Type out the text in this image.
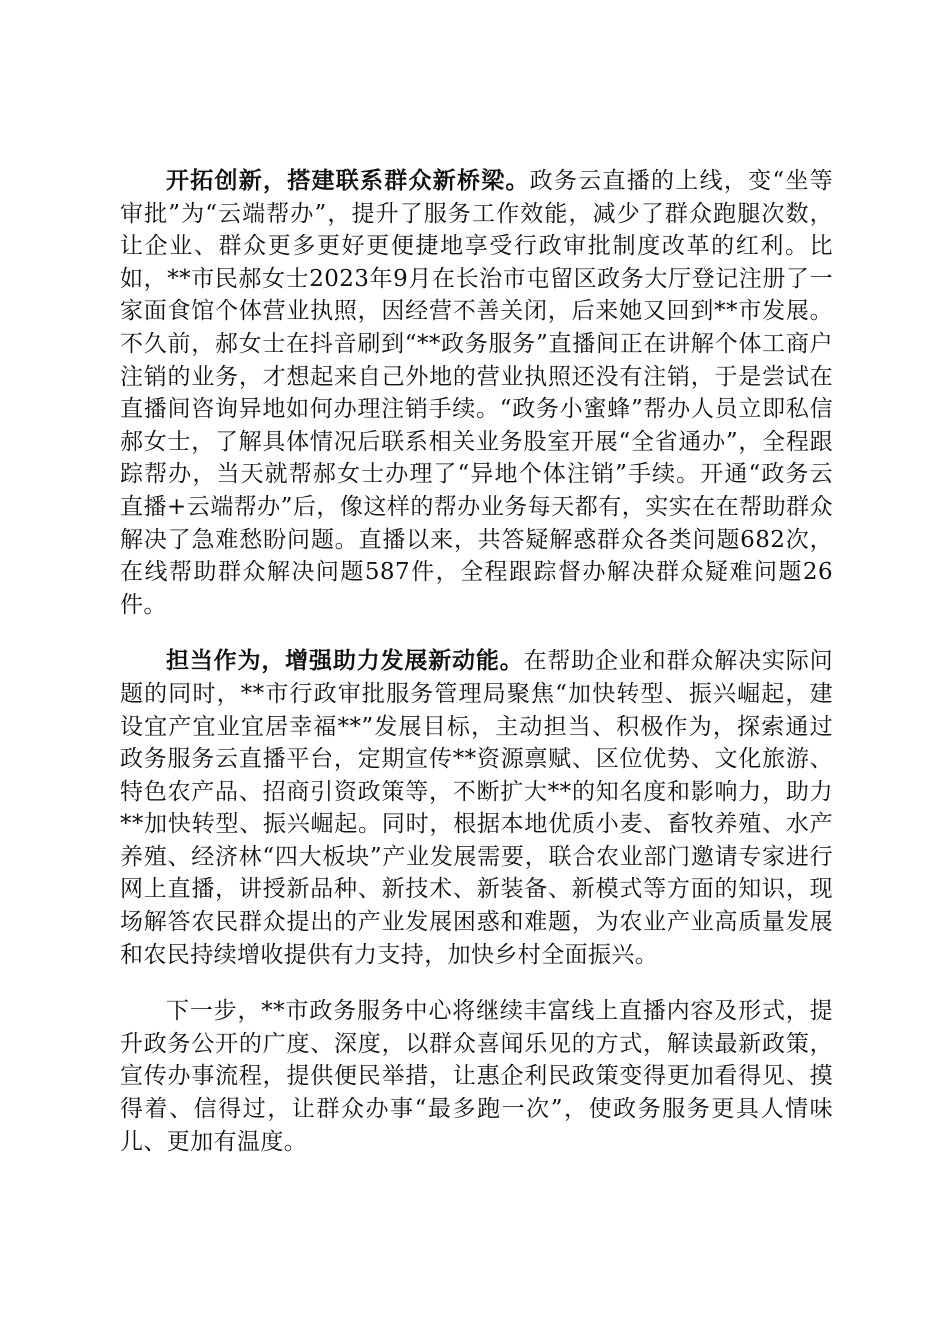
开拓创新，搭建联系群众新桥梁。政务云直播的上线，变“坐等审批”为“云端帮办”，提升了服务工作效能，减少了群众跑腿次数，让企业、群众更多更好更便捷地享受行政审批制度改革的红利。比如，**市民郝女士2023年9月在长治市屯留区政务大厅登记注册了一家面食馆个体营业执照，因经营不善关闭，后来她又回到**市发展。不久前，郝女士在抖音刷到“**政务服务”直播间正在讲解个体工商户注销的业务，才想起来自己外地的营业执照还没有注销，于是尝试在直播间咨询异地如何办理注销手续。“政务小蜜蜂”帮办人员立即私信郝女士，了解具体情况后联系相关业务股室开展“全省通办”，全程跟踪帮办，当天就帮郝女士办理了“异地个体注销”手续。开通“政务云直播+云端帮办”后，像这样的帮办业务每天都有，实实在在帮助群众解决了急难愁盼问题。直播以来，共答疑解惑群众各类问题682次，在线帮助群众解决问题587件，全程跟踪督办解决群众疑难问题26件。

担当作为，增强助力发展新动能。在帮助企业和群众解决实际问题的同时，**市行政审批服务管理局聚焦“加快转型、振兴崛起，建设宜产宜业宜居幸福**”发展目标，主动担当、积极作为，探索通过政务服务云直播平台，定期宣传**资源禀赋、区位优势、文化旅游、特色农产品、招商引资政策等，不断扩大**的知名度和影响力，助力**加快转型、振兴崛起。同时，根据本地优质小麦、畜牧养殖、水产养殖、经济林“四大板块”产业发展需要，联合农业部门邀请专家进行网上直播，讲授新品种、新技术、新装备、新模式等方面的知识，现场解答农民群众提出的产业发展困惑和难题，为农业产业高质量发展和农民持续增收提供有力支持，加快乡村全面振兴。

下一步，**市政务服务中心将继续丰富线上直播内容及形式，提升政务公开的广度、深度，以群众喜闻乐见的方式，解读最新政策，宣传办事流程，提供便民举措，让惠企利民政策变得更加看得见、摸得着、信得过，让群众办事“最多跑一次”，使政务服务更具人情味儿、更加有温度。
